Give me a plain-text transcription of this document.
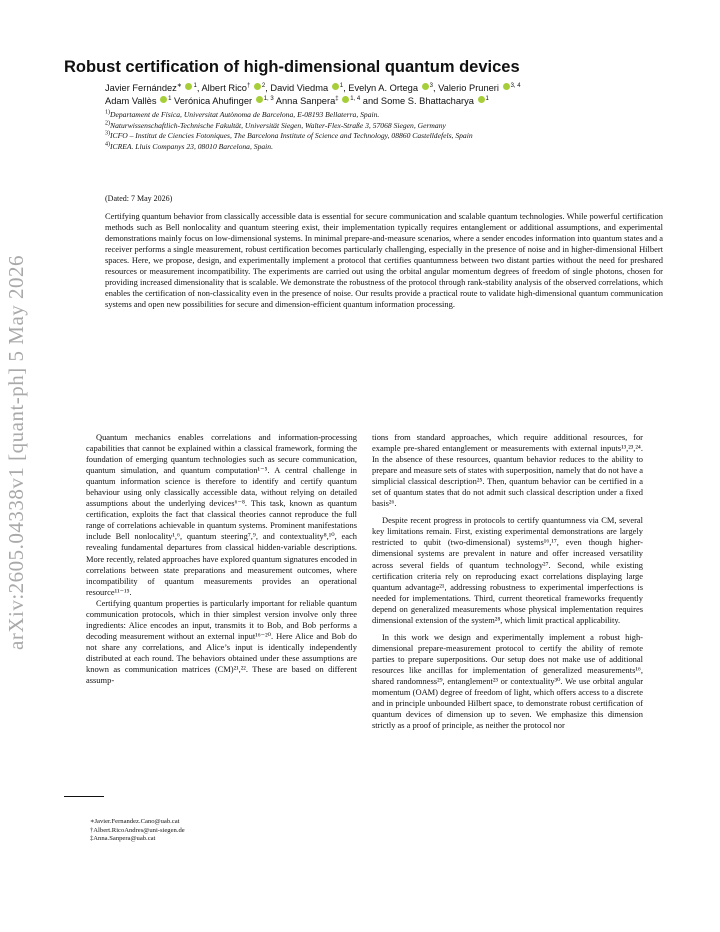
arXiv:2605.04338v1 [quant-ph] 5 May 2026
Robust certification of high-dimensional quantum devices
Javier Fernández∗ $^1$, Albert Rico† $^2$, David Viedma $^1$, Evelyn A. Ortega $^3$, Valerio Pruneri $^{3, 4}$
Adam Vallès $^1$ Verónica Ahufinger $^{1, 3}$ Anna Sanpera‡ $^{1, 4}$ and Some S. Bhattacharya $^1$
$^{1)}$Departament de Física, Universitat Autònoma de Barcelona, E-08193 Bellaterra, Spain.
$^{2)}$Naturwissenschaftlich-Technische Fakultät, Universität Siegen, Walter-Flex-Straße 3, 57068 Siegen, Germany
$^{3)}$ICFO – Institut de Ciencies Fotoniques, The Barcelona Institute of Science and Technology, 08860 Castelldefels, Spain
$^{4)}$ICREA. Lluis Companys 23, 08010 Barcelona, Spain.
(Dated: 7 May 2026)
Certifying quantum behavior from classically accessible data is essential for secure communication and scalable quantum technologies. While powerful certification methods such as Bell nonlocality and quantum steering exist, their implementation typically requires entanglement or additional assumptions, and experimental demonstrations mainly focus on low-dimensional systems. In minimal prepare-and-measure scenarios, where a sender encodes information into quantum states and a receiver performs a single measurement, robust certification becomes particularly challenging, especially in the presence of noise and in higher-dimensional Hilbert spaces. Here, we propose, design, and experimentally implement a protocol that certifies quantumness between two distant parties without the need for preshared resources or measurement incompatibility. The experiments are carried out using the orbital angular momentum degrees of freedom of single photons, chosen for providing increased dimensionality that is scalable. We demonstrate the robustness of the protocol through rank-stability analysis of the observed correlations, which enables the certification of non-classicality even in the presence of noise. Our results provide a practical route to validate high-dimensional quantum communication systems and open new possibilities for secure and dimension-efficient quantum information processing.

Quantum mechanics enables correlations and information-processing capabilities that cannot be explained within a classical framework, forming the foundation of emerging quantum technologies such as secure communication, quantum simulation, and quantum computation¹⁻⁵. A central challenge in quantum information science is therefore to identify and certify quantum behaviour using only classically accessible data, without relying on detailed assumptions about the underlying devices⁶⁻⁸. This task, known as quantum certification, exploits the fact that classical theories cannot reproduce the full range of correlations achievable in quantum systems. Prominent manifestations include Bell nonlocality¹,⁶, quantum steering⁷,⁹, and contextuality⁸,¹⁰, each revealing fundamental departures from classical hidden-variable descriptions. More recently, related approaches have explored quantum signatures encoded in correlations between state preparations and measurement outcomes, where incompatibility of quantum measurements provides an operational resource¹¹⁻¹⁵.

Certifying quantum properties is particularly important for reliable quantum communication protocols, which in thier simplest version involve only three ingredients: Alice encodes an input, transmits it to Bob, and Bob performs a decoding measurement without an external input¹⁶⁻²⁰. Here Alice and Bob do not share any correlations, and Alice’s input is identically independently distributed at each round. The behaviors obtained under these assumptions are known as communication matrices (CM)²¹,²². These are based on different assump-

tions from standard approaches, which require additional resources, for example pre-shared entanglement or measurements with external inputs¹³,²³,²⁴. In the absence of these resources, quantum behavior reduces to the ability to prepare and measure sets of states with superposition, namely that do not have a simplicial classical description²⁵. Then, quantum behavior can be certified in a set of quantum states that do not admit such classical description under a fixed basis²⁶.

Despite recent progress in protocols to certify quantumness via CM, several key limitations remain. First, existing experimental demonstrations are largely restricted to qubit (two-dimensional) systems¹⁶,¹⁷, even though higher-dimensional systems are prevalent in nature and offer increased versatility across several fields of quantum technology²⁷. Second, while existing certification criteria rely on reproducing exact correlations displaying large quantum advantage²¹, addressing robustness to experimental imperfections is needed for implementations. Third, current theoretical frameworks frequently depend on generalized measurements whose physical implementation requires dimensional extension of the system²⁸, which limit practical applicability.

In this work we design and experimentally implement a robust high-dimensional prepare-measurement protocol to certify the ability of remote parties to prepare superpositions. Our setup does not make use of additional resources like ancillas for implementation of generalized measurements¹⁶, shared randomness²⁹, entanglement²³ or contextuality³⁰. We use orbital angular momentum (OAM) degree of freedom of light, which offers access to a discrete and in principle unbounded Hilbert space, to demonstrate robust certification of quantum devices of dimension up to seven. We emphasize this dimension strictly as a proof of principle, as neither the protocol nor

∗Javier.Fernandez.Cano@uab.cat
†Albert.RicoAndres@uni-siegen.de
‡Anna.Sanpera@uab.cat
